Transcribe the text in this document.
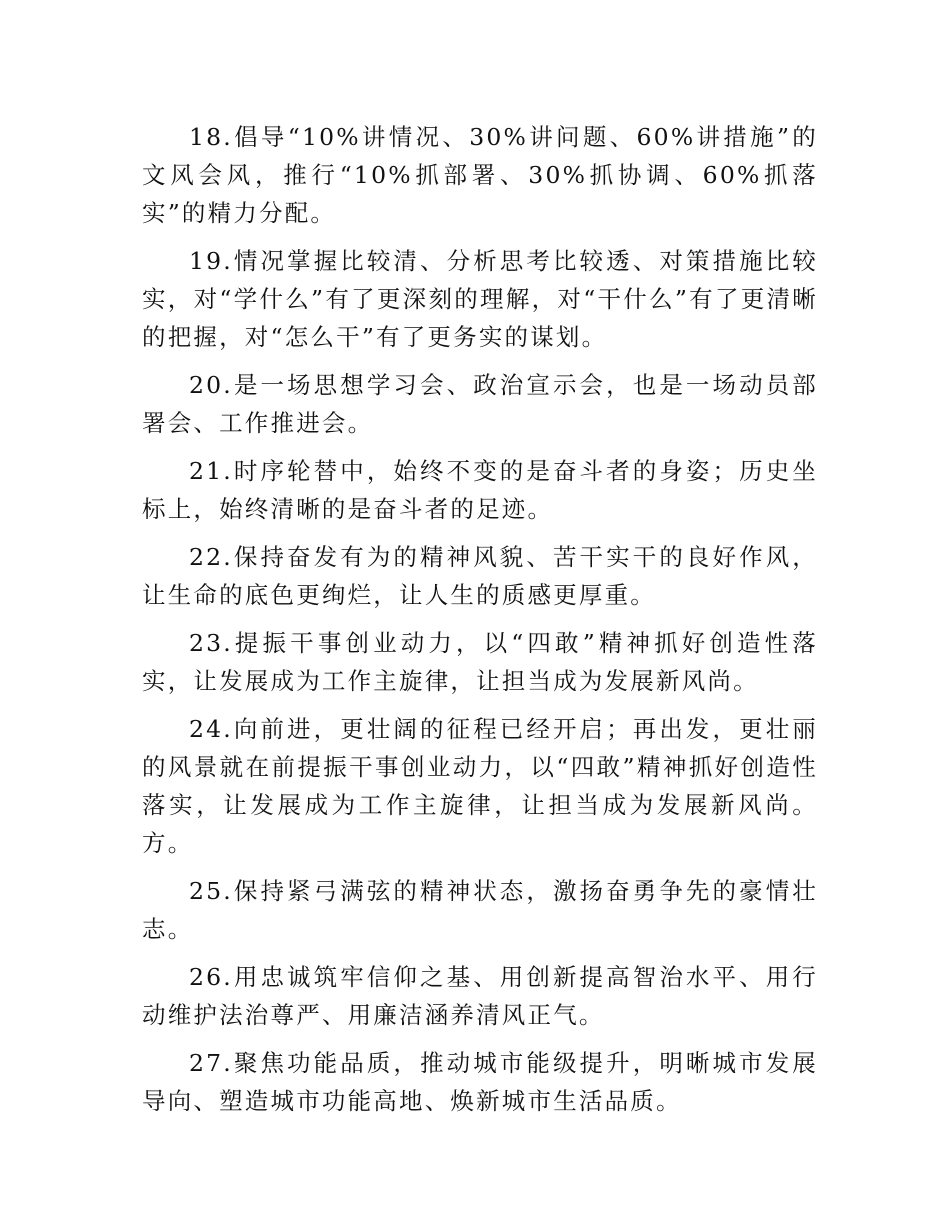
18.倡导“10%讲情况、30%讲问题、60%讲措施”的文风会风，推行“10%抓部署、30%抓协调、60%抓落实”的精力分配。

19.情况掌握比较清、分析思考比较透、对策措施比较实，对“学什么”有了更深刻的理解，对“干什么”有了更清晰的把握，对“怎么干”有了更务实的谋划。

20.是一场思想学习会、政治宣示会，也是一场动员部署会、工作推进会。

21.时序轮替中，始终不变的是奋斗者的身姿；历史坐标上，始终清晰的是奋斗者的足迹。

22.保持奋发有为的精神风貌、苦干实干的良好作风，让生命的底色更绚烂，让人生的质感更厚重。

23.提振干事创业动力，以“四敢”精神抓好创造性落实，让发展成为工作主旋律，让担当成为发展新风尚。

24.向前进，更壮阔的征程已经开启；再出发，更壮丽的风景就在前提振干事创业动力，以“四敢”精神抓好创造性落实，让发展成为工作主旋律，让担当成为发展新风尚。方。

25.保持紧弓满弦的精神状态，激扬奋勇争先的豪情壮志。

26.用忠诚筑牢信仰之基、用创新提高智治水平、用行动维护法治尊严、用廉洁涵养清风正气。

27.聚焦功能品质，推动城市能级提升，明晰城市发展导向、塑造城市功能高地、焕新城市生活品质。
